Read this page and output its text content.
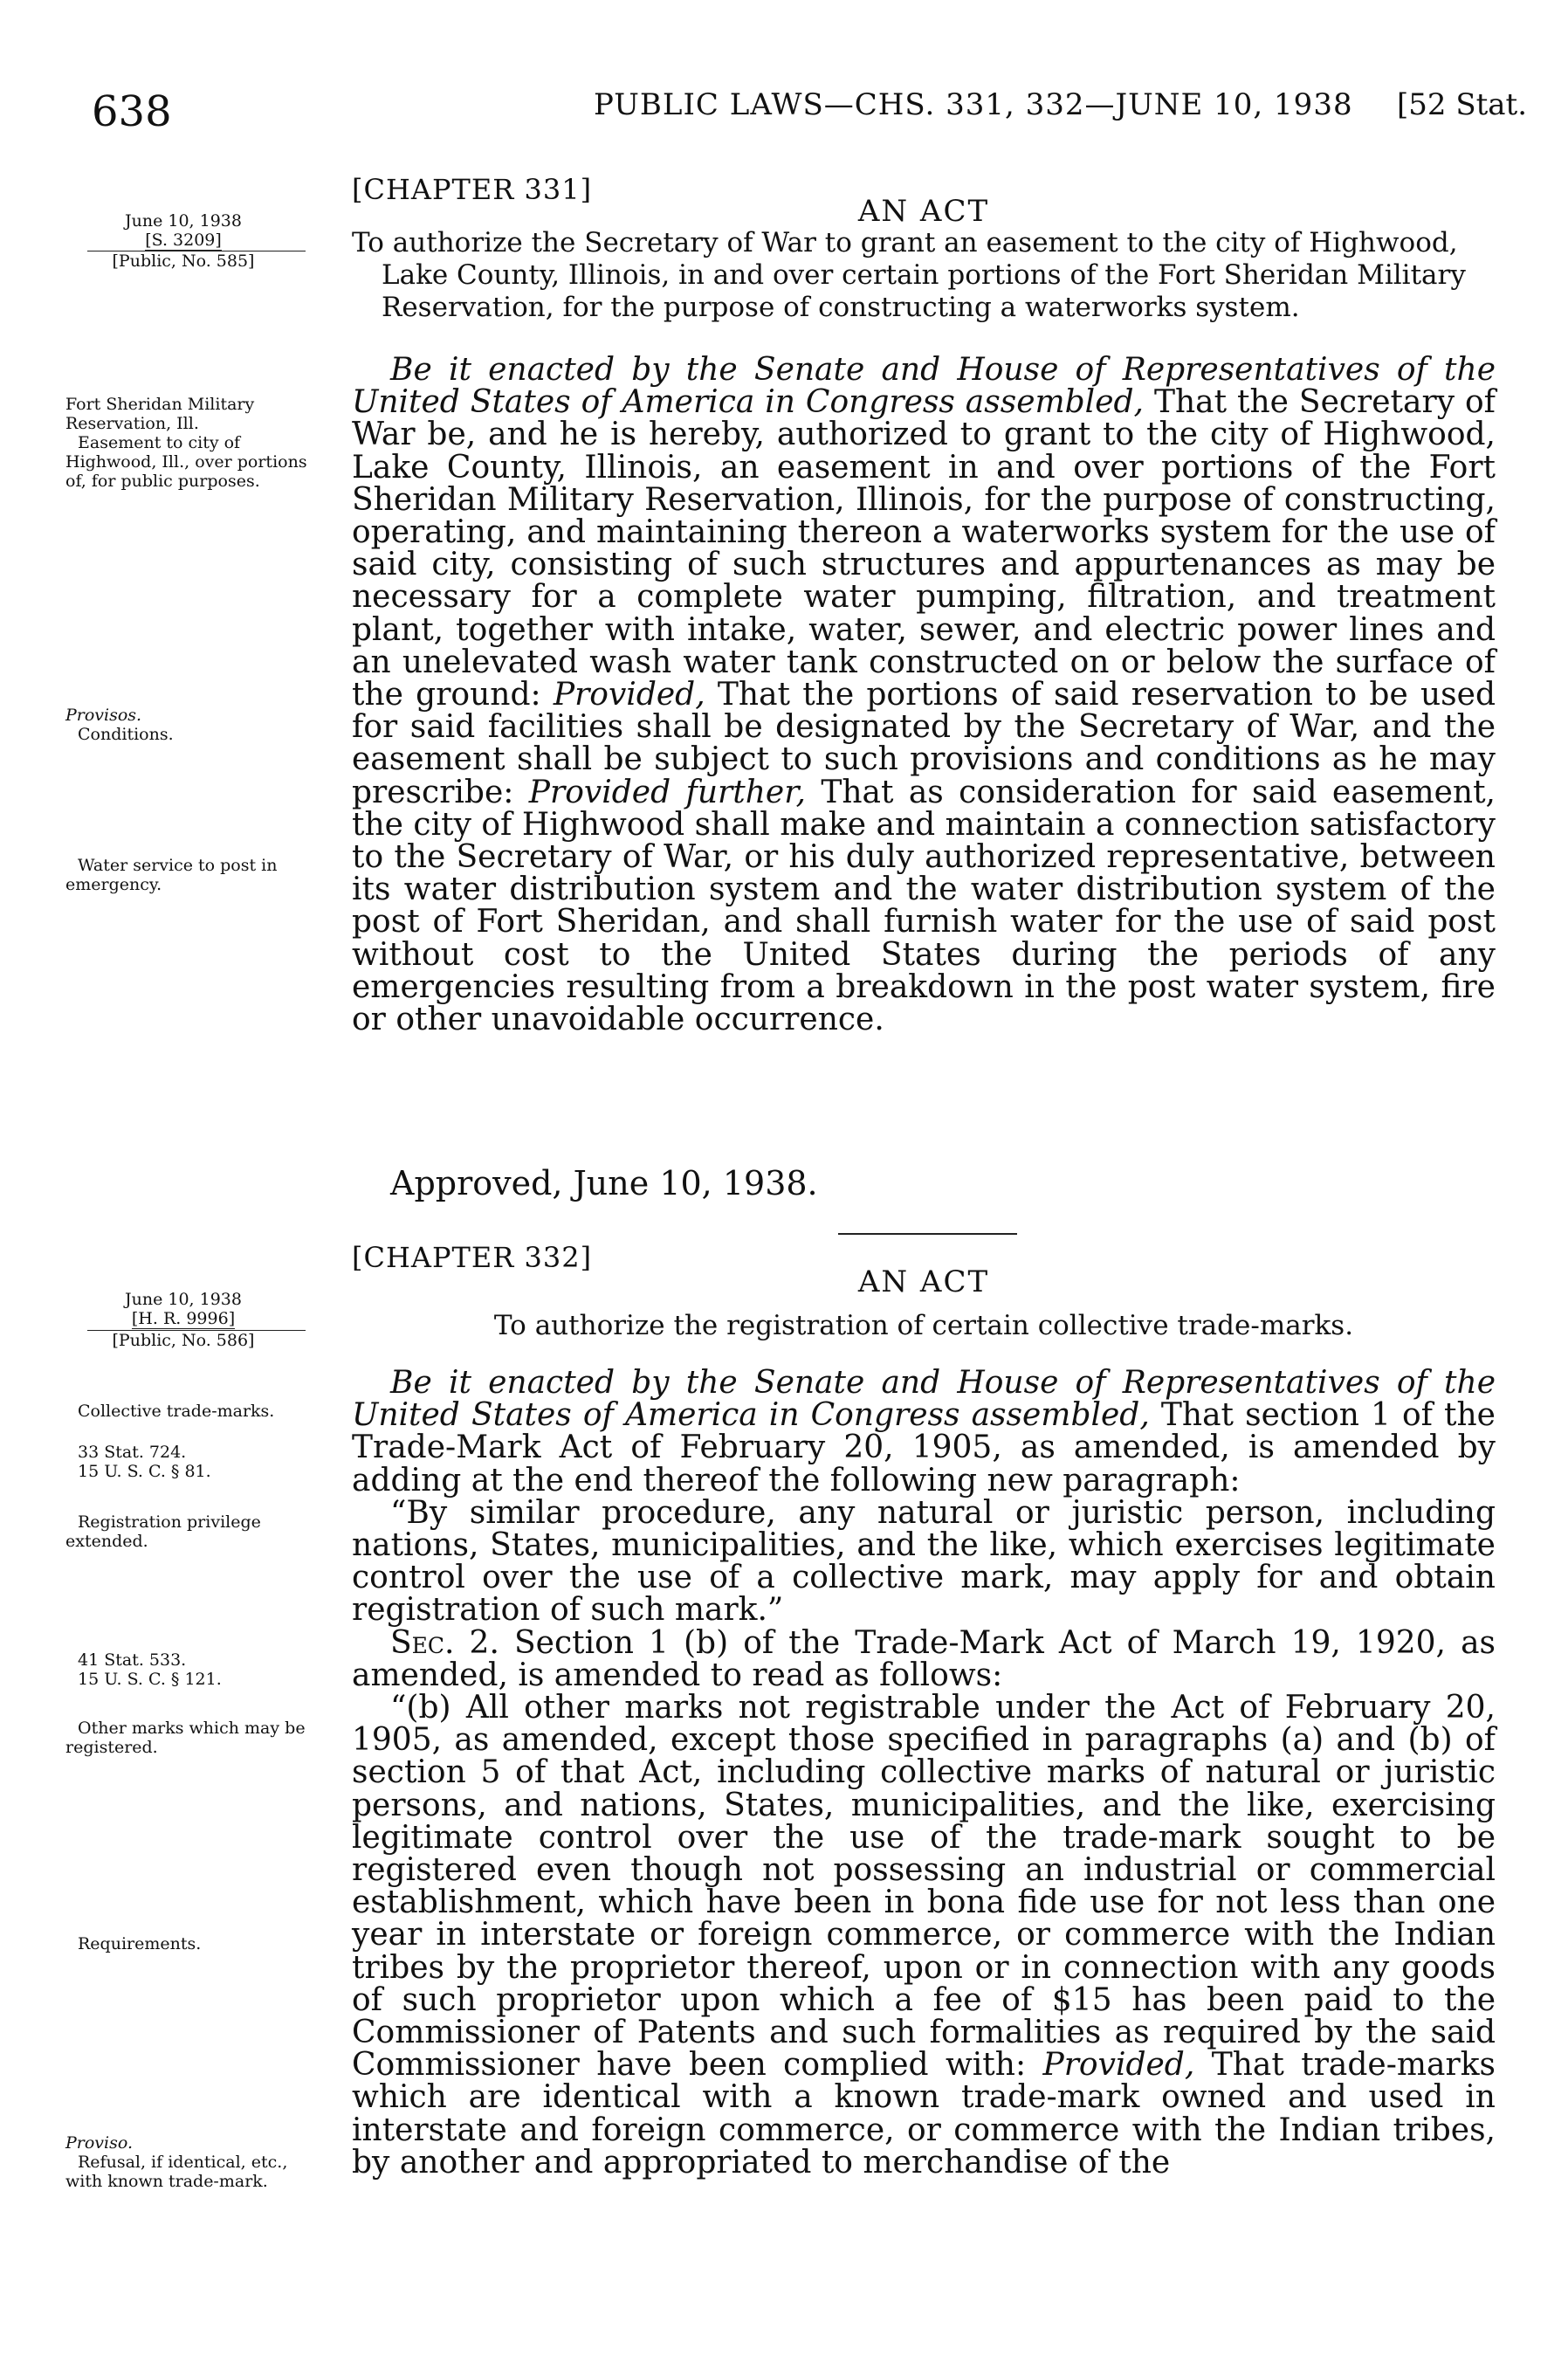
638	PUBLIC LAWS—CHS. 331, 332—JUNE 10, 1938 [52 Stat.
[CHAPTER 331]
AN ACT
To authorize the Secretary of War to grant an easement to the city of Highwood, Lake County, Illinois, in and over certain portions of the Fort Sheridan Military Reservation, for the purpose of constructing a waterworks system.
June 10, 1938
[S. 3209]
[Public, No. 585]
Fort Sheridan Military Reservation, Ill.
Easement to city of Highwood, Ill., over portions of, for public purposes.
Provisos.
Conditions.
Water service to post in emergency.

Be it enacted by the Senate and House of Representatives of the United States of America in Congress assembled, That the Secretary of War be, and he is hereby, authorized to grant to the city of Highwood, Lake County, Illinois, an easement in and over portions of the Fort Sheridan Military Reservation, Illinois, for the purpose of constructing, operating, and maintaining thereon a waterworks system for the use of said city, consisting of such structures and appurtenances as may be necessary for a complete water pumping, filtration, and treatment plant, together with intake, water, sewer, and electric power lines and an unelevated wash water tank constructed on or below the surface of the ground: Provided, That the portions of said reservation to be used for said facilities shall be designated by the Secretary of War, and the easement shall be subject to such provisions and conditions as he may prescribe: Provided further, That as consideration for said easement, the city of Highwood shall make and maintain a connection satisfactory to the Secretary of War, or his duly authorized representative, between its water distribution system and the water distribution system of the post of Fort Sheridan, and shall furnish water for the use of said post without cost to the United States during the periods of any emergencies resulting from a breakdown in the post water system, fire or other unavoidable occurrence.

Approved, June 10, 1938.
[CHAPTER 332]
AN ACT
To authorize the registration of certain collective trade-marks.
June 10, 1938
[H. R. 9996]
[Public, No. 586]
Collective trade-marks.
33 Stat. 724.
15 U. S. C. § 81.
Registration privilege extended.
41 Stat. 533.
15 U. S. C. § 121.
Other marks which may be registered.
Requirements.
Proviso.
Refusal, if identical, etc., with known trade-mark.

Be it enacted by the Senate and House of Representatives of the United States of America in Congress assembled, That section 1 of the Trade-Mark Act of February 20, 1905, as amended, is amended by adding at the end thereof the following new paragraph:

“By similar procedure, any natural or juristic person, including nations, States, municipalities, and the like, which exercises legitimate control over the use of a collective mark, may apply for and obtain registration of such mark.”

Sec. 2. Section 1 (b) of the Trade-Mark Act of March 19, 1920, as amended, is amended to read as follows:

“(b) All other marks not registrable under the Act of February 20, 1905, as amended, except those specified in paragraphs (a) and (b) of section 5 of that Act, including collective marks of natural or juristic persons, and nations, States, municipalities, and the like, exercising legitimate control over the use of the trade-mark sought to be registered even though not possessing an industrial or commercial establishment, which have been in bona fide use for not less than one year in interstate or foreign commerce, or commerce with the Indian tribes by the proprietor thereof, upon or in connection with any goods of such proprietor upon which a fee of $15 has been paid to the Commissioner of Patents and such formalities as required by the said Commissioner have been complied with: Provided, That trade-marks which are identical with a known trade-mark owned and used in interstate and foreign commerce, or commerce with the Indian tribes, by another and appropriated to merchandise of the
